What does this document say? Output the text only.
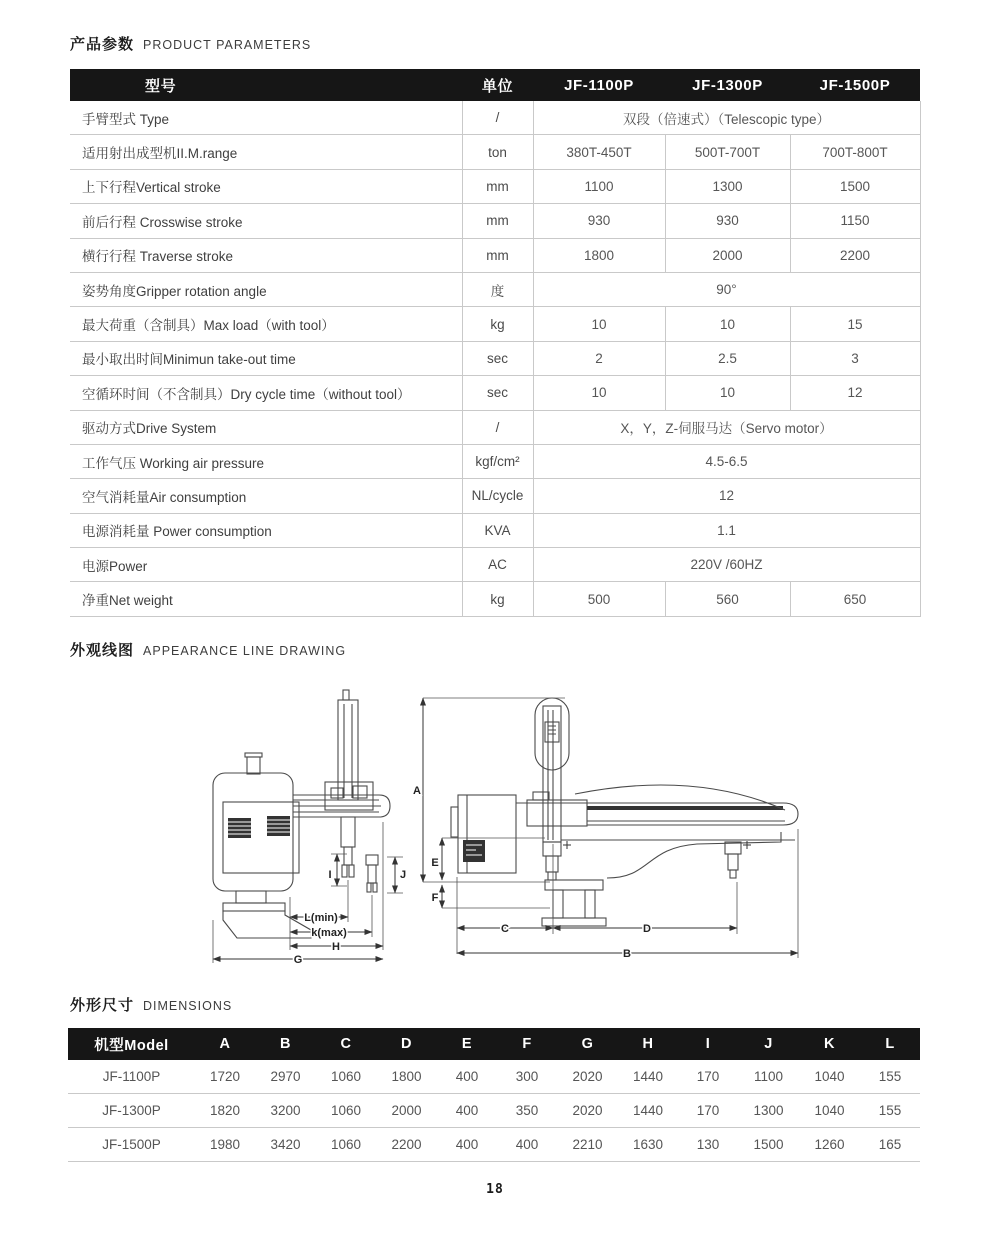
产品参数 PRODUCT PARAMETERS
型号	单位	JF-1100P	JF-1300P	JF-1500P
手臂型式 Type	/	双段（倍速式）（Telescopic type）		
适用射出成型机II.M.range	ton	380T-450T	500T-700T	700T-800T
上下行程Vertical stroke	mm	1100	1300	1500
前后行程 Crosswise stroke	mm	930	930	1150
横行行程 Traverse stroke	mm	1800	2000	2200
姿势角度Gripper rotation angle	度	90°		
最大荷重（含制具）Max load（with tool）	kg	10	10	15
最小取出时间Minimun take-out time	sec	2	2.5	3
空循环时间（不含制具）Dry cycle time（without tool）	sec	10	10	12
驱动方式Drive System	/	X，Y，Z-伺服马达（Servo motor）		
工作气压 Working air pressure	kgf/cm²	4.5-6.5		
空气消耗量Air consumption	NL/cycle	12		
电源消耗量 Power consumption	KVA	1.1		
电源Power	AC	220V /60HZ		
净重Net weight	kg	500	560	650
外观线图 APPEARANCE LINE DRAWING
I	J
L(min)
k(max)
H
G
A
E
F
C	D
B
外形尺寸 DIMENSIONS
机型Model	A	B	C	D	E	F	G	H	I	J	K	L
JF-1100P	1720	2970	1060	1800	400	300	2020	1440	170	1100	1040	155
JF-1300P	1820	3200	1060	2000	400	350	2020	1440	170	1300	1040	155
JF-1500P	1980	3420	1060	2200	400	400	2210	1630	130	1500	1260	165
18
